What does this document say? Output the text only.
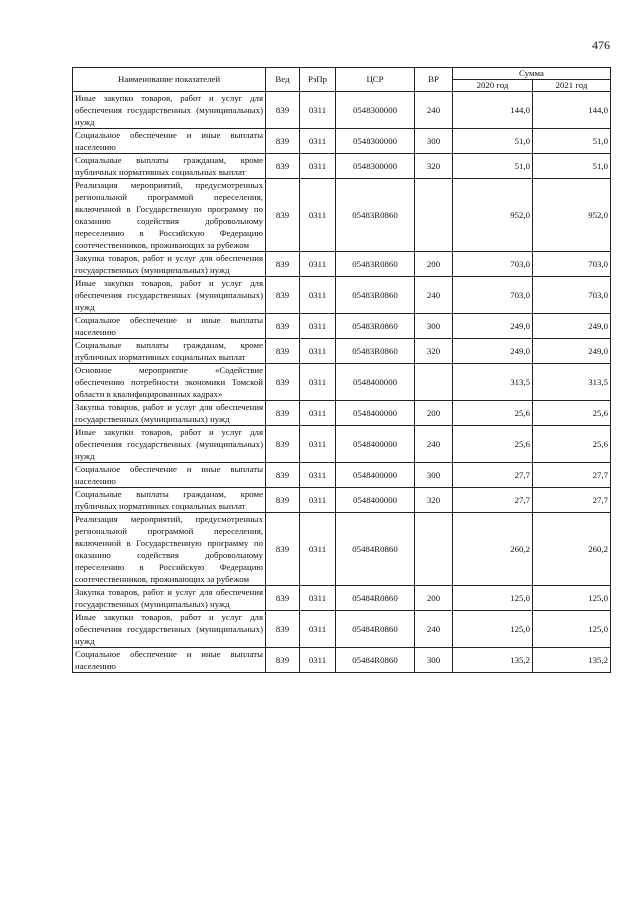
476
Наименование показателей	Вед	РзПр	ЦСР	ВР	Сумма	
					2020 год	2021 год
Иные закупки товаров, работ и услуг для обеспечения государственных (муниципальных) нужд	839	0311	0548300000	240	144,0	144,0
Социальное обеспечение и иные выплаты населению	839	0311	0548300000	300	51,0	51,0
Социальные выплаты гражданам, кроме публичных нормативных социальных выплат	839	0311	0548300000	320	51,0	51,0
Реализация мероприятий, предусмотренных региональной программой переселения, включенной в Государственную программу по оказанию содействия добровольному переселению в Российскую Федерацию соотечественников, проживающих за рубежом	839	0311	05483R0860		952,0	952,0
Закупка товаров, работ и услуг для обеспечения государственных (муниципальных) нужд	839	0311	05483R0860	200	703,0	703,0
Иные закупки товаров, работ и услуг для обеспечения государственных (муниципальных) нужд	839	0311	05483R0860	240	703,0	703,0
Социальное обеспечение и иные выплаты населению	839	0311	05483R0860	300	249,0	249,0
Социальные выплаты гражданам, кроме публичных нормативных социальных выплат	839	0311	05483R0860	320	249,0	249,0
Основное мероприятие «Содействие обеспечению потребности экономики Томской области в квалифицированных кадрах»	839	0311	0548400000		313,5	313,5
Закупка товаров, работ и услуг для обеспечения государственных (муниципальных) нужд	839	0311	0548400000	200	25,6	25,6
Иные закупки товаров, работ и услуг для обеспечения государственных (муниципальных) нужд	839	0311	0548400000	240	25,6	25,6
Социальное обеспечение и иные выплаты населению	839	0311	0548400000	300	27,7	27,7
Социальные выплаты гражданам, кроме публичных нормативных социальных выплат	839	0311	0548400000	320	27,7	27,7
Реализация мероприятий, предусмотренных региональной программой переселения, включенной в Государственную программу по оказанию содействия добровольному переселению в Российскую Федерацию соотечественников, проживающих за рубежом	839	0311	05484R0860		260,2	260,2
Закупка товаров, работ и услуг для обеспечения государственных (муниципальных) нужд	839	0311	05484R0860	200	125,0	125,0
Иные закупки товаров, работ и услуг для обеспечения государственных (муниципальных) нужд	839	0311	05484R0860	240	125,0	125,0
Социальное обеспечение и иные выплаты населению	839	0311	05484R0860	300	135,2	135,2
